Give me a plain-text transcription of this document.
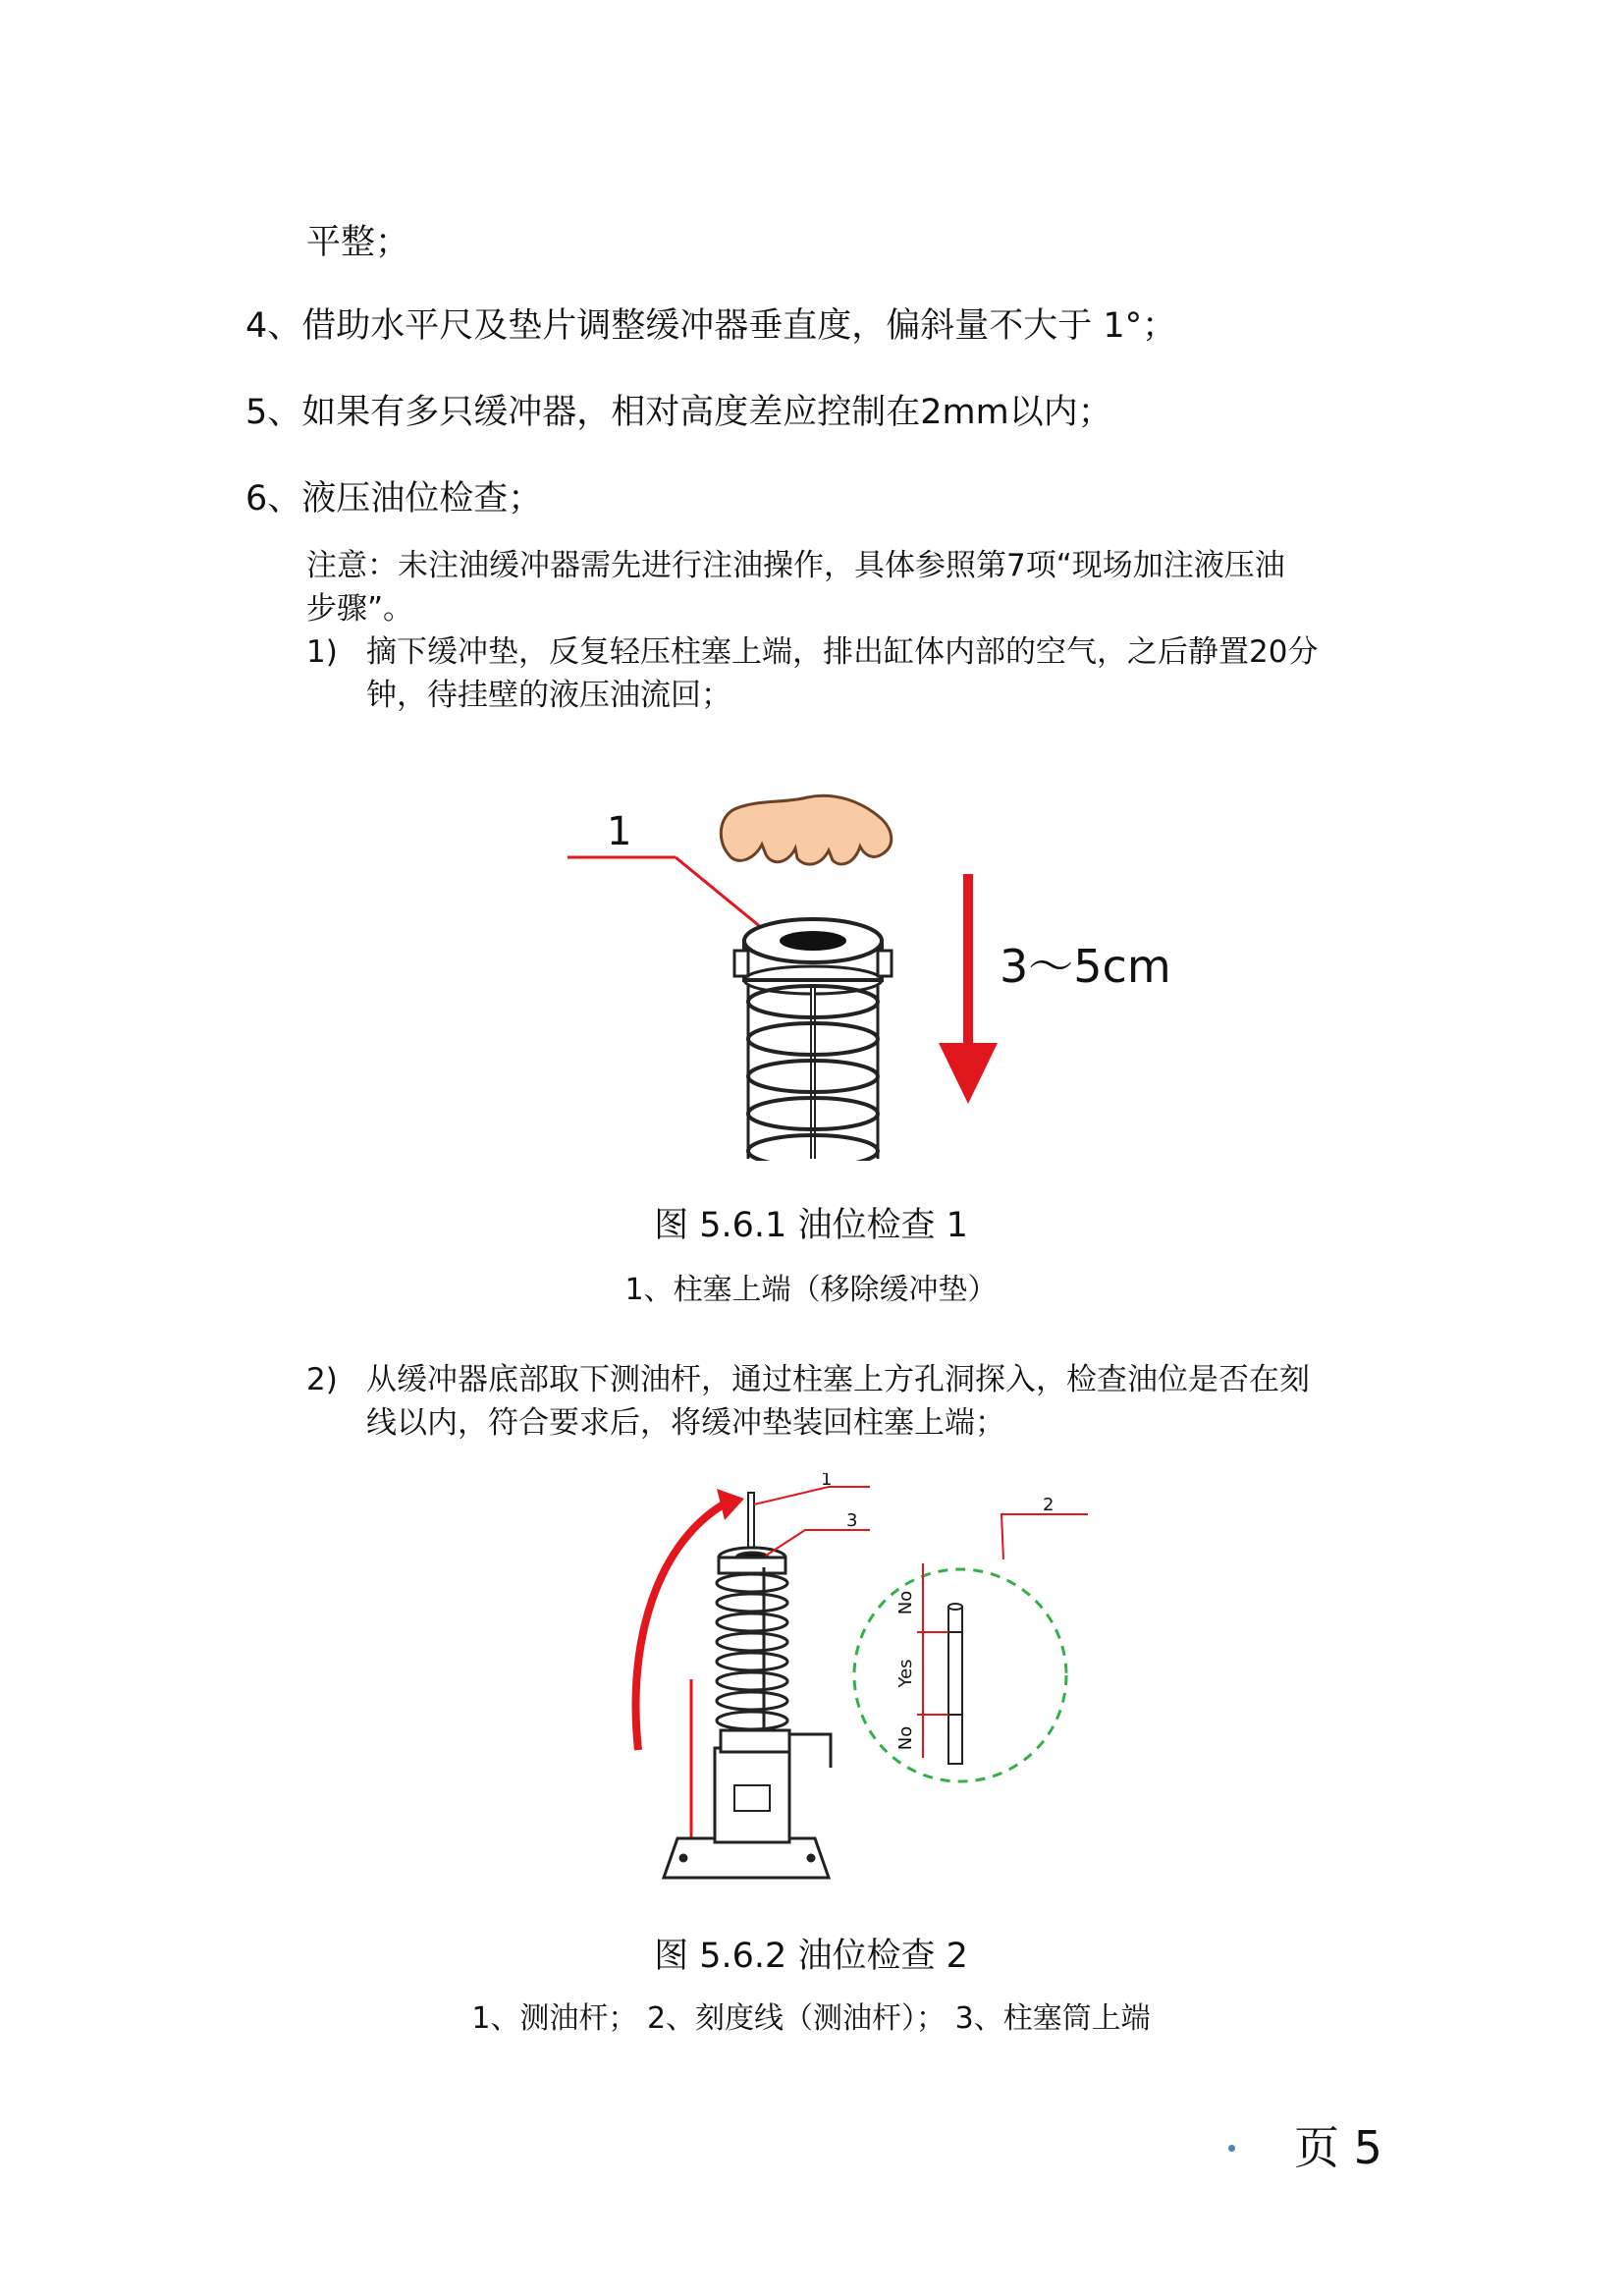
平整；
4、借助水平尺及垫片调整缓冲器垂直度，偏斜量不大于 1°；
5、如果有多只缓冲器，相对高度差应控制在2mm以内；
6、液压油位检查；
注意：未注油缓冲器需先进行注油操作，具体参照第7项“现场加注液压油
步骤”。
1) 摘下缓冲垫，反复轻压柱塞上端，排出缸体内部的空气，之后静置20分
钟，待挂壁的液压油流回；
1
3～5cm
图 5.6.1 油位检查 1
1、柱塞上端（移除缓冲垫）
2) 从缓冲器底部取下测油杆，通过柱塞上方孔洞探入，检查油位是否在刻
线以内，符合要求后，将缓冲垫装回柱塞上端；
1
3
2
No
Yes
No
图 5.6.2 油位检查 2
1、测油杆； 2、刻度线（测油杆）； 3、柱塞筒上端
页 5
